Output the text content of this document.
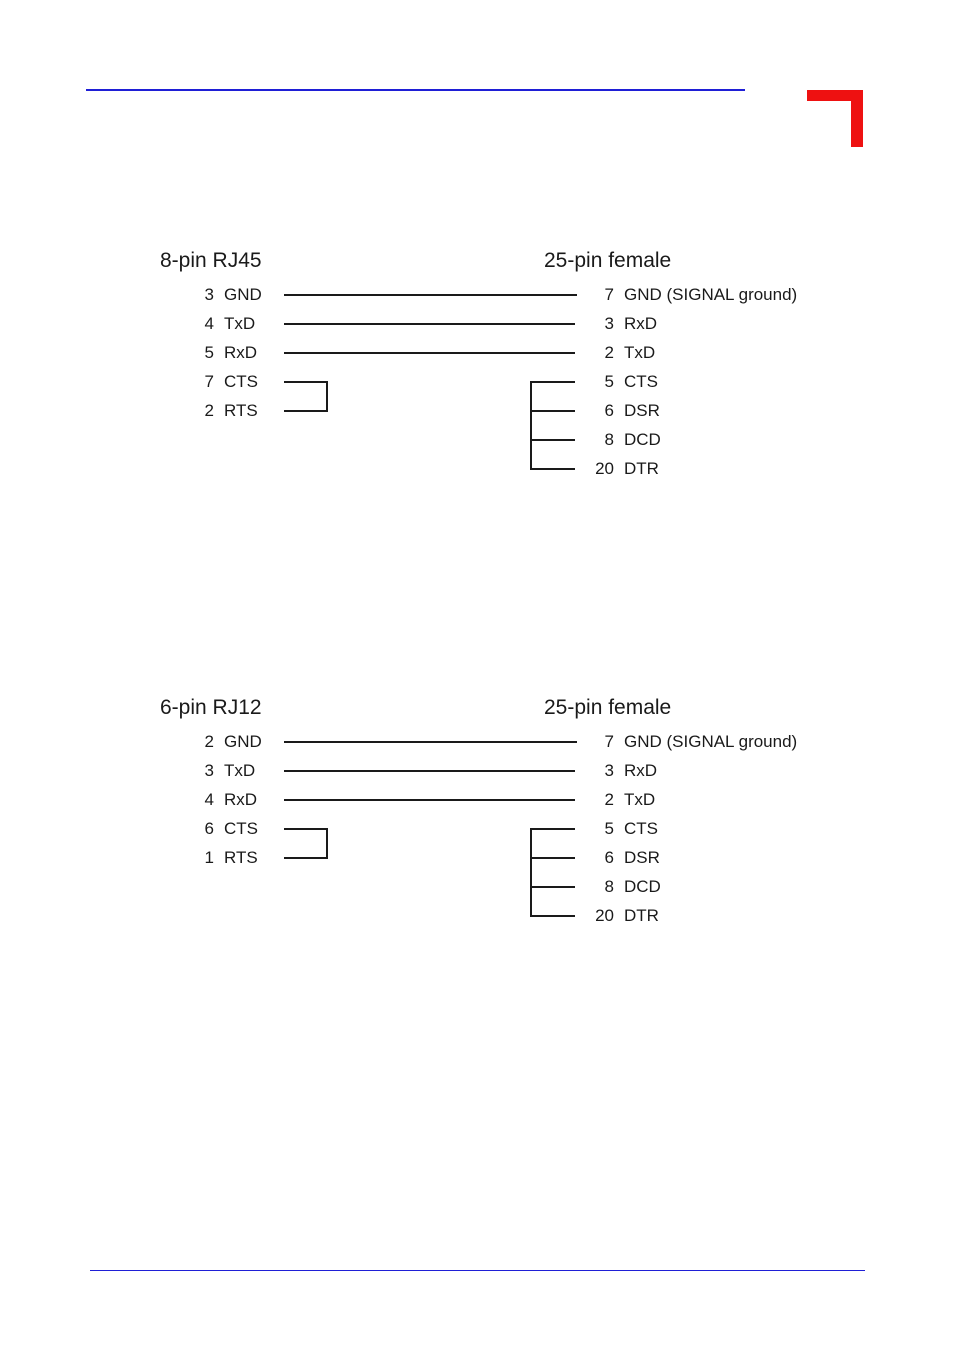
8-pin RJ45	25-pin female
3 GND
4 TxD
5 RxD
7 CTS
2 RTS
7 GND (SIGNAL ground)
3 RxD
2 TxD
5 CTS
6 DSR
8 DCD
20 DTR
6-pin RJ12	25-pin female
2 GND
3 TxD
4 RxD
6 CTS
1 RTS
7 GND (SIGNAL ground)
3 RxD
2 TxD
5 CTS
6 DSR
8 DCD
20 DTR
